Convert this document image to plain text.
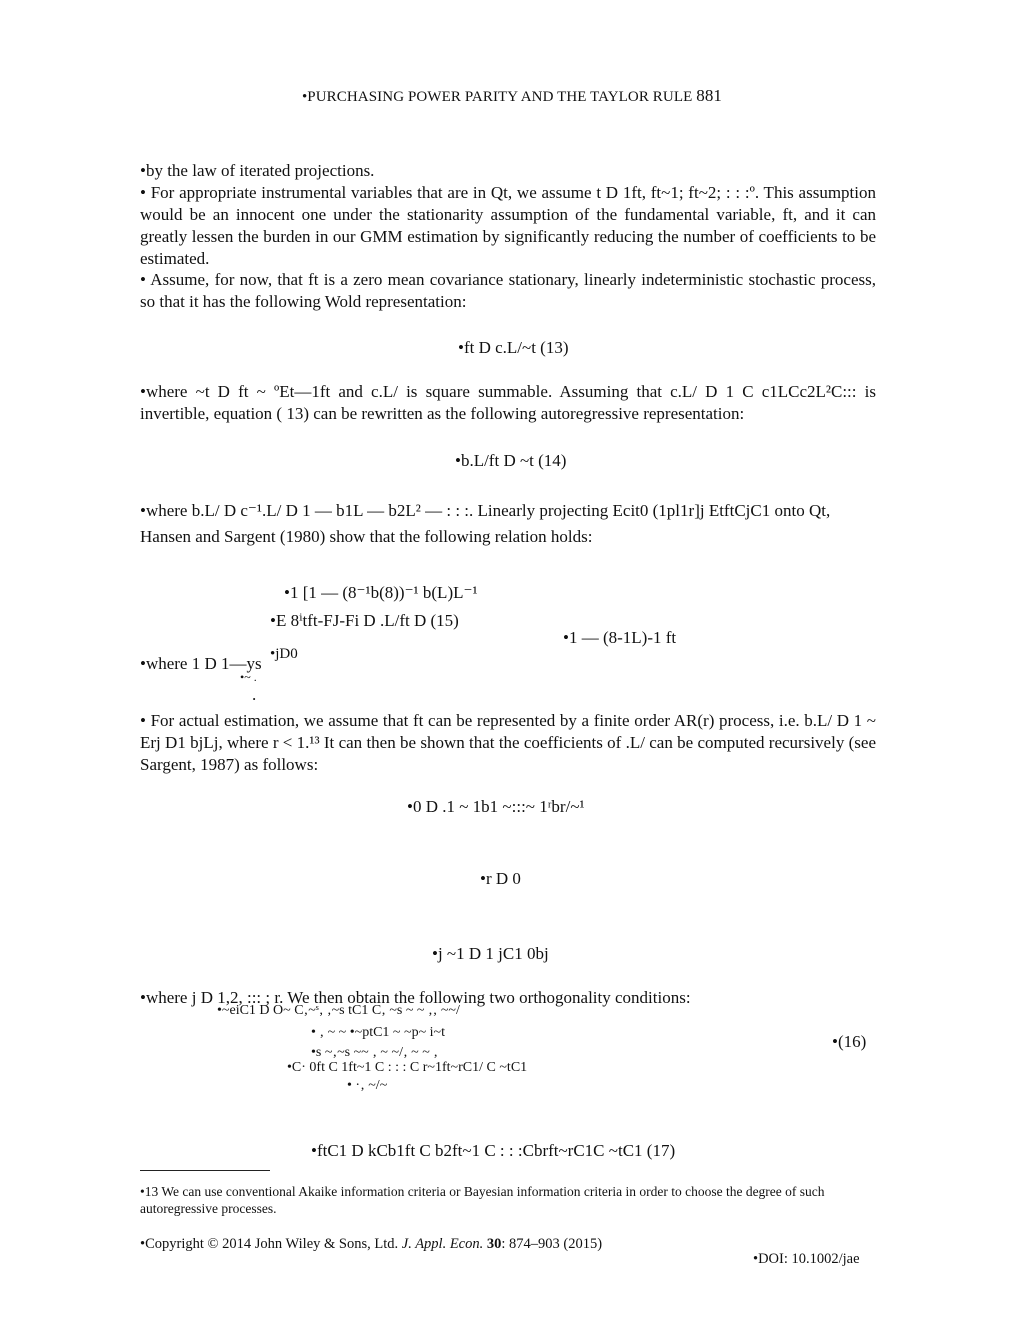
•PURCHASING POWER PARITY AND THE TAYLOR RULE 881
•by the law of iterated projections.
• For appropriate instrumental variables that are in Qt, we assume t D 1ft, ft~1; ft~2; : : :º. This assumption would be an innocent one under the stationarity assumption of the fundamental variable, ft, and it can greatly lessen the burden in our GMM estimation by significantly reducing the number of coefficients to be estimated.
• Assume, for now, that ft is a zero mean covariance stationary, linearly indeterministic stochastic process, so that it has the following Wold representation:
•ft D c.L/~t (13)
•where ~t D ft ~ ºEt—1ft and c.L/ is square summable. Assuming that c.L/ D 1 C c1LCc2L²C::: is invertible, equation ( 13) can be rewritten as the following autoregressive representation:
•b.L/ft D ~t (14)
•where b.L/ D c⁻¹.L/ D 1 — b1L — b2L² — : : :. Linearly projecting Ecit0 (1pl1r]j EtftCjC1 onto Qt,
Hansen and Sargent (1980) show that the following relation holds:
•1 [1 — (8⁻¹b(8))⁻¹ b(L)L⁻¹
•E 8ⁱtft-FJ-Fi D .L/ft D (15)
•1 — (8-1L)-1 ft
•where 1 D 1—ys •jD0
•~ .
.
• For actual estimation, we assume that ft can be represented by a finite order AR(r) process, i.e. b.L/ D 1 ~ Erj D1 bjLj, where r < 1.¹³ It can then be shown that the coefficients of .L/ can be computed recursively (see Sargent, 1987) as follows:
•0 D .1 ~ 1b1 ~:::~ 1ʳbr/~¹
•r D 0
•j ~1 D 1 jC1 0bj
•where j D 1,2, ::: ; r. We then obtain the following two orthogonality conditions:
•~eiC1 D O~ C‚~ˢ‚ ‚~s tC1 C‚ ~s ~ ~ ‚‚ ~~/
• ‚ ~ ~ •~ptC1 ~ ~p~ i~t	•(16)
•s ~‚~s ~~ ‚ ~ ~/‚ ~ ~ ‚
•C· 0ft C 1ft~1 C : : : C r~1ft~rC1/ C ~tC1
• ·‚ ~/~
•ftC1 D kCb1ft C b2ft~1 C : : :Cbrft~rC1C ~tC1 (17)
•13 We can use conventional Akaike information criteria or Bayesian information criteria in order to choose the degree of such autoregressive processes.
•Copyright © 2014 John Wiley & Sons, Ltd. J. Appl. Econ. 30: 874–903 (2015)
•DOI: 10.1002/jae
